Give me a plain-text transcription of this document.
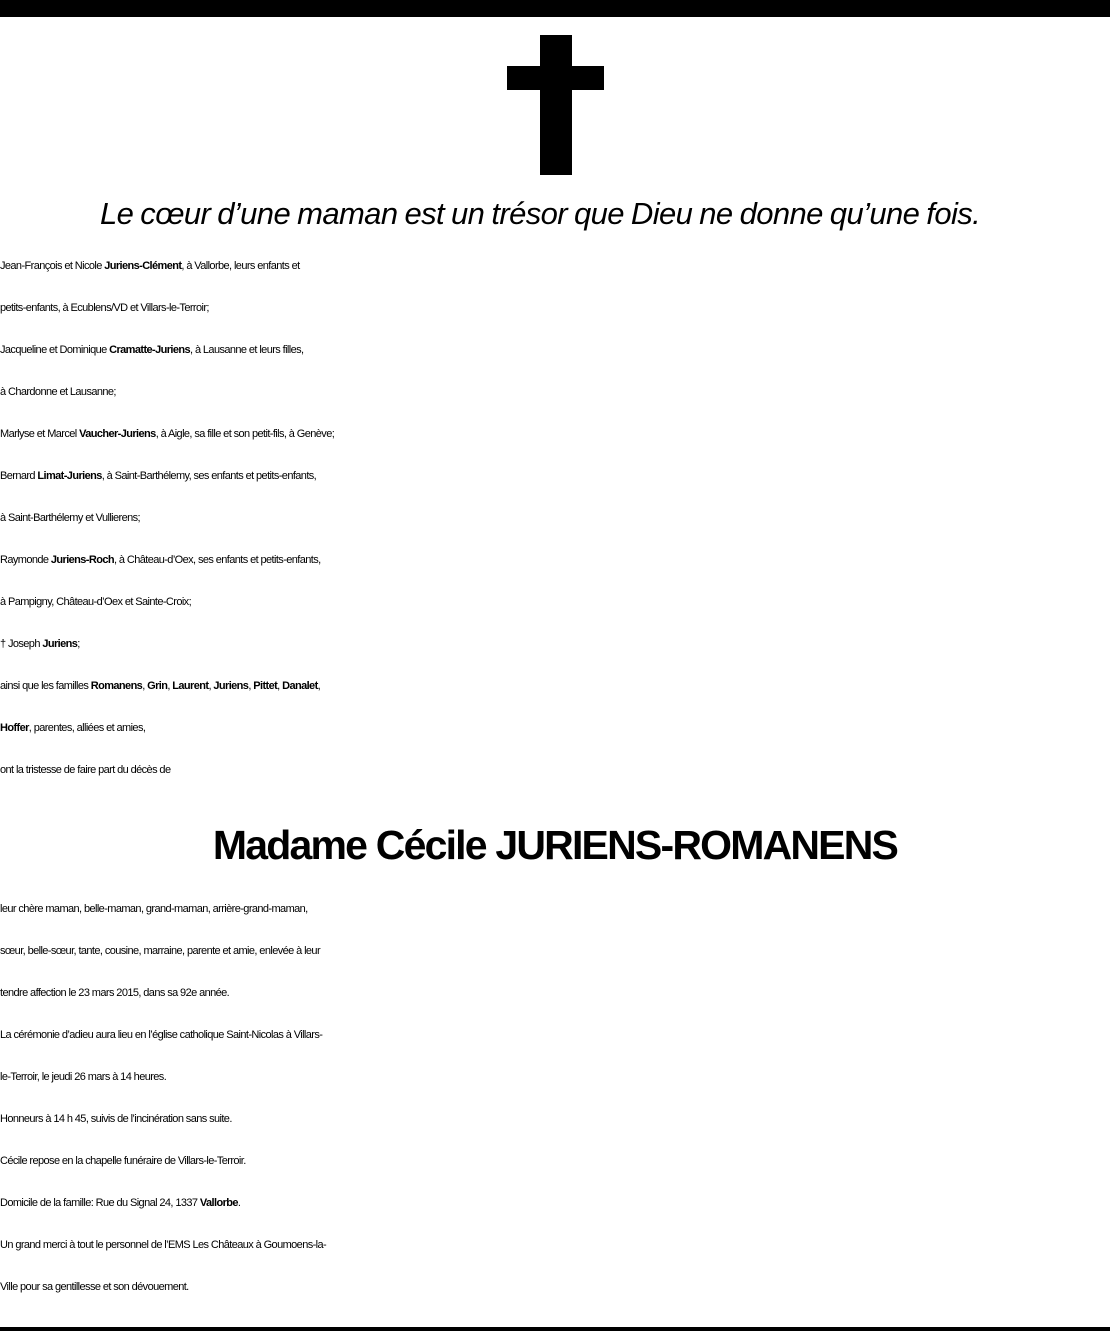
Le cœur d’une maman est un trésor que Dieu ne donne qu’une fois.
Jean-François et Nicole Juriens-Clément, à Vallorbe, leurs enfants et
petits-enfants, à Ecublens/VD et Villars-le-Terroir;
Jacqueline et Dominique Cramatte-Juriens, à Lausanne et leurs filles,
à Chardonne et Lausanne;
Marlyse et Marcel Vaucher-Juriens, à Aigle, sa fille et son petit-fils, à Genève;
Bernard Limat-Juriens, à Saint-Barthélemy, ses enfants et petits-enfants,
à Saint-Barthélemy et Vullierens;
Raymonde Juriens-Roch, à Château-d’Oex, ses enfants et petits-enfants,
à Pampigny, Château-d’Oex et Sainte-Croix;
† Joseph Juriens;
ainsi que les familles Romanens, Grin, Laurent, Juriens, Pittet, Danalet,
Hoffer, parentes, alliées et amies,
ont la tristesse de faire part du décès de
Madame Cécile JURIENS-ROMANENS
leur chère maman, belle-maman, grand-maman, arrière-grand-maman,
sœur, belle-sœur, tante, cousine, marraine, parente et amie, enlevée à leur
tendre affection le 23 mars 2015, dans sa 92e année.
La cérémonie d’adieu aura lieu en l’église catholique Saint-Nicolas à Villars-
le-Terroir, le jeudi 26 mars à 14 heures.
Honneurs à 14 h 45, suivis de l’incinération sans suite.
Cécile repose en la chapelle funéraire de Villars-le-Terroir.
Domicile de la famille: Rue du Signal 24, 1337 Vallorbe.
Un grand merci à tout le personnel de l’EMS Les Châteaux à Goumoens-la-
Ville pour sa gentillesse et son dévouement.
